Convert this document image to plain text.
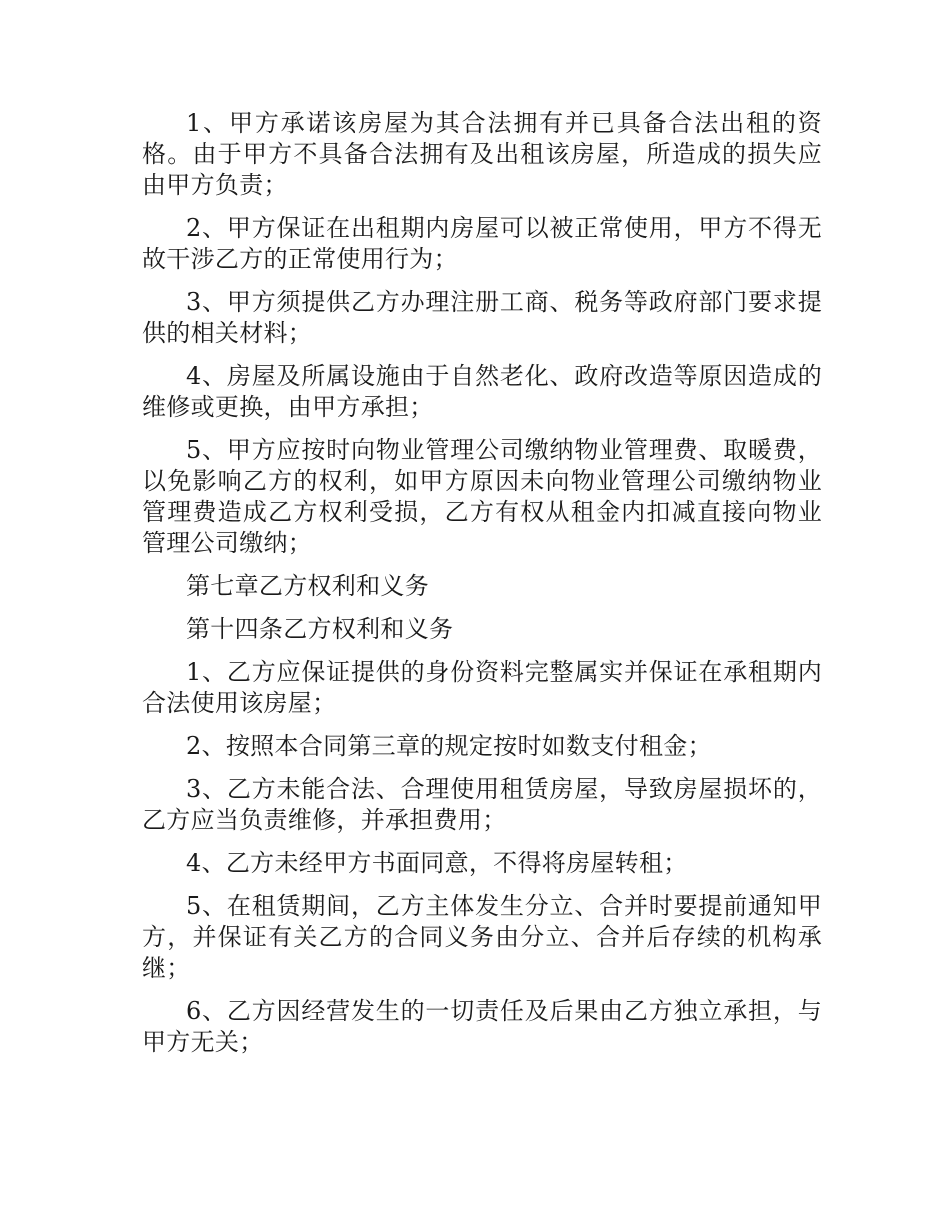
1、甲方承诺该房屋为其合法拥有并已具备合法出租的资格。由于甲方不具备合法拥有及出租该房屋，所造成的损失应由甲方负责；

2、甲方保证在出租期内房屋可以被正常使用，甲方不得无故干涉乙方的正常使用行为；

3、甲方须提供乙方办理注册工商、税务等政府部门要求提供的相关材料；

4、房屋及所属设施由于自然老化、政府改造等原因造成的维修或更换，由甲方承担；

5、甲方应按时向物业管理公司缴纳物业管理费、取暖费，以免影响乙方的权利，如甲方原因未向物业管理公司缴纳物业管理费造成乙方权利受损，乙方有权从租金内扣减直接向物业管理公司缴纳；

第七章乙方权利和义务

第十四条乙方权利和义务

1、乙方应保证提供的身份资料完整属实并保证在承租期内合法使用该房屋；

2、按照本合同第三章的规定按时如数支付租金；

3、乙方未能合法、合理使用租赁房屋，导致房屋损坏的，乙方应当负责维修，并承担费用；

4、乙方未经甲方书面同意，不得将房屋转租；

5、在租赁期间，乙方主体发生分立、合并时要提前通知甲方，并保证有关乙方的合同义务由分立、合并后存续的机构承继；

6、乙方因经营发生的一切责任及后果由乙方独立承担，与甲方无关；
